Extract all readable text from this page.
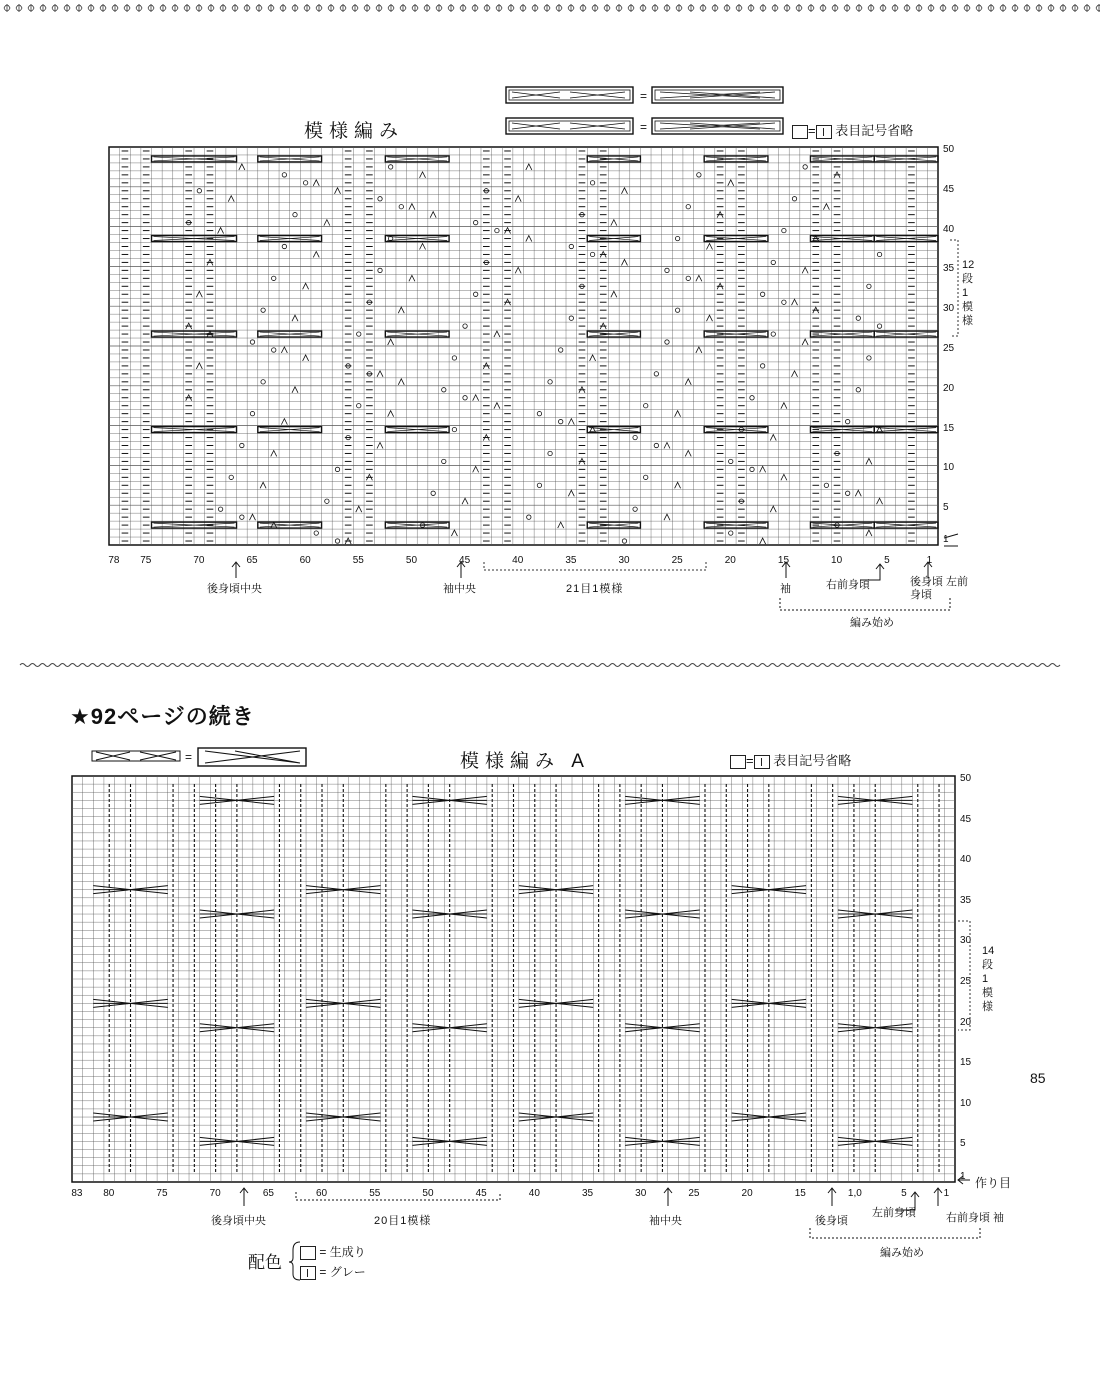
模様編み
=
=	= 表目記号省略
50
45
40
35
30
25
20
15
10
5
1
78 75	70	65	60	55	50	45	40	35	30	25	20	15	10	5	1
12段1模様
後身頃中央	袖中央	21目1模様	袖	右前身頃	後身頃 左前身頃
編み始め
★92ページの続き
=	模様編み A	= 表目記号省略
50
45
40
35
30
25
20
15
10
5
1
83 80	75	70	65	60	55	50	45	40	35	30	25	20	15	1,0	5	1
14段1模様
作り目
後身頃中央	20目1模様	袖中央	後身頃
左前身頃	右前身頃 袖
編み始め
配色
= 生成り
= グレー
85
